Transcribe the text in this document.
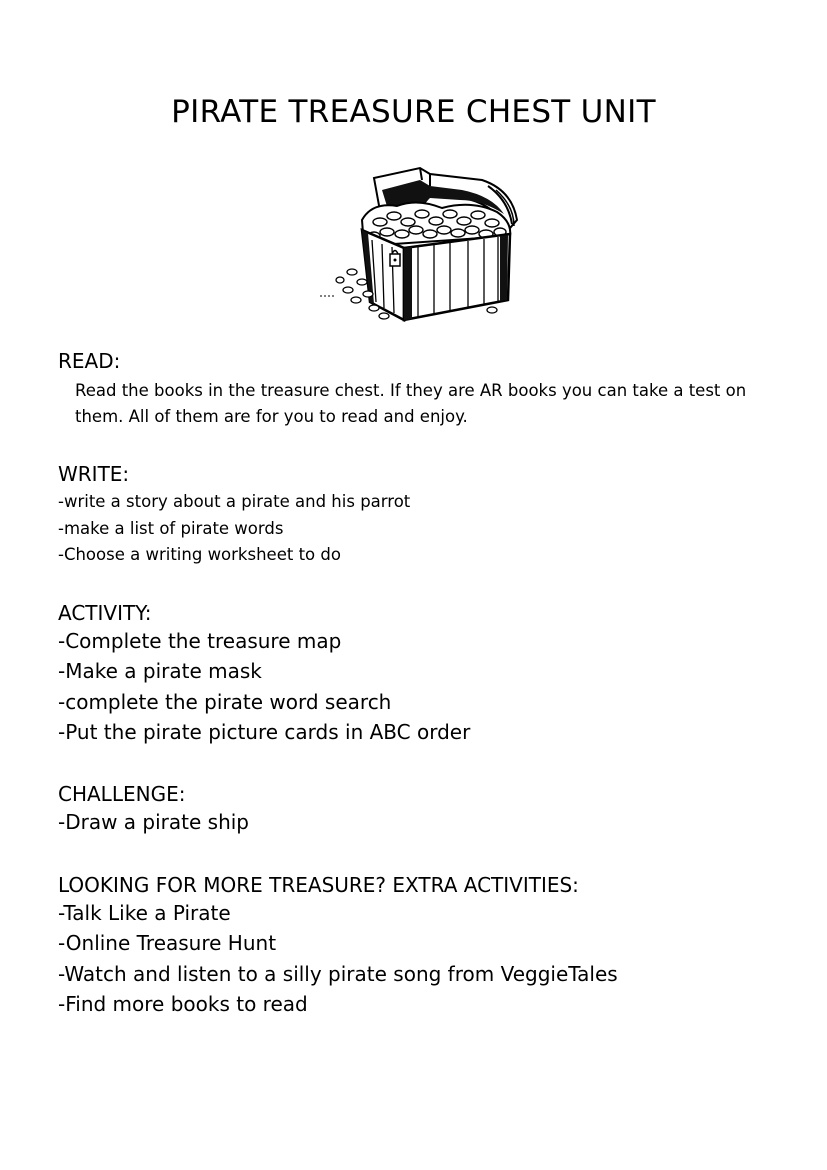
PIRATE TREASURE CHEST UNIT
READ:

Read the books in the treasure chest. If they are AR books you can take a test on them. All of them are for you to read and enjoy.

WRITE:
-write a story about a pirate and his parrot
-make a list of pirate words
-Choose a writing worksheet to do
ACTIVITY:
-Complete the treasure map
-Make a pirate mask
-complete the pirate word search
-Put the pirate picture cards in ABC order
CHALLENGE:
-Draw a pirate ship
LOOKING FOR MORE TREASURE? EXTRA ACTIVITIES:
-Talk Like a Pirate
-Online Treasure Hunt
-Watch and listen to a silly pirate song from VeggieTales
-Find more books to read
